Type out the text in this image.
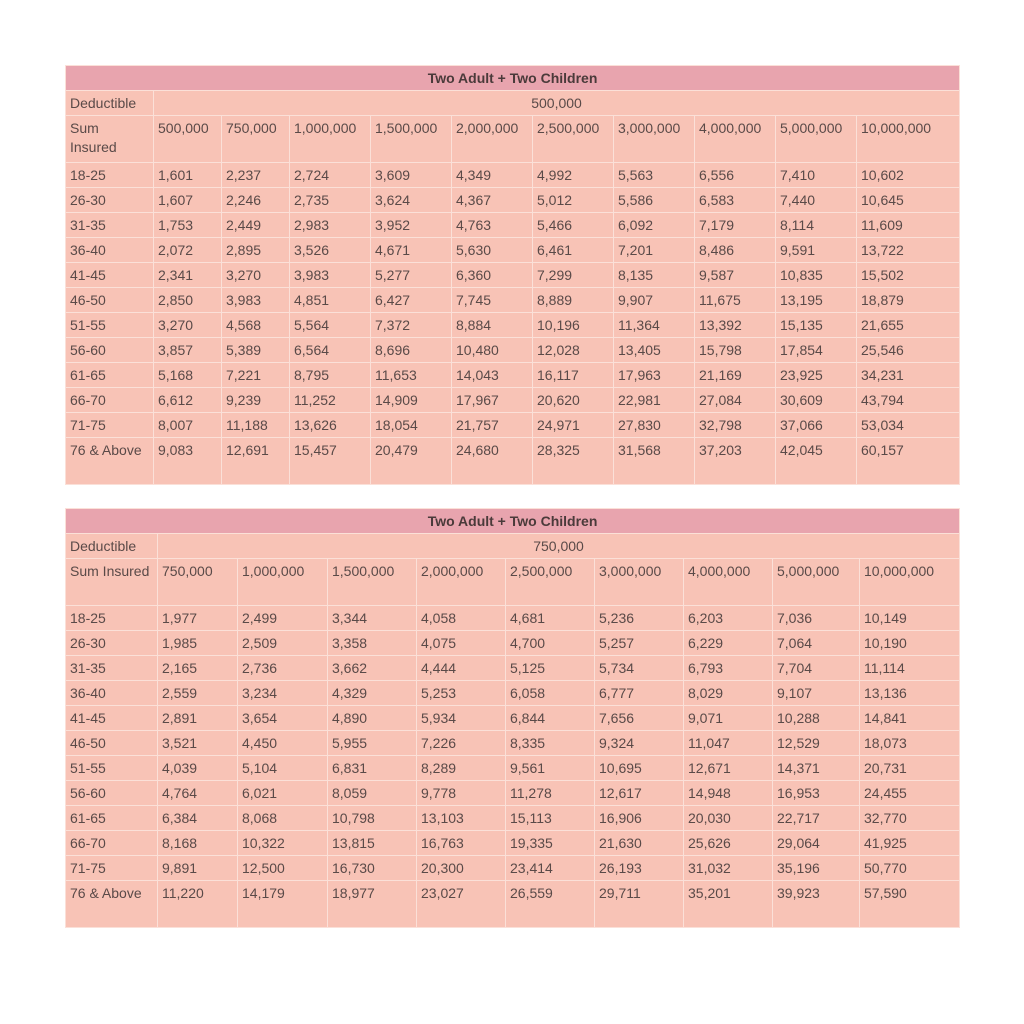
Two Adult + Two Children										
Deductible	500,000									
Sum Insured	500,000	750,000	1,000,000	1,500,000	2,000,000	2,500,000	3,000,000	4,000,000	5,000,000	10,000,000
18-25	1,601	2,237	2,724	3,609	4,349	4,992	5,563	6,556	7,410	10,602
26-30	1,607	2,246	2,735	3,624	4,367	5,012	5,586	6,583	7,440	10,645
31-35	1,753	2,449	2,983	3,952	4,763	5,466	6,092	7,179	8,114	11,609
36-40	2,072	2,895	3,526	4,671	5,630	6,461	7,201	8,486	9,591	13,722
41-45	2,341	3,270	3,983	5,277	6,360	7,299	8,135	9,587	10,835	15,502
46-50	2,850	3,983	4,851	6,427	7,745	8,889	9,907	11,675	13,195	18,879
51-55	3,270	4,568	5,564	7,372	8,884	10,196	11,364	13,392	15,135	21,655
56-60	3,857	5,389	6,564	8,696	10,480	12,028	13,405	15,798	17,854	25,546
61-65	5,168	7,221	8,795	11,653	14,043	16,117	17,963	21,169	23,925	34,231
66-70	6,612	9,239	11,252	14,909	17,967	20,620	22,981	27,084	30,609	43,794
71-75	8,007	11,188	13,626	18,054	21,757	24,971	27,830	32,798	37,066	53,034
76 & Above	9,083	12,691	15,457	20,479	24,680	28,325	31,568	37,203	42,045	60,157
Two Adult + Two Children									
Deductible	750,000								
Sum Insured	750,000	1,000,000	1,500,000	2,000,000	2,500,000	3,000,000	4,000,000	5,000,000	10,000,000
18-25	1,977	2,499	3,344	4,058	4,681	5,236	6,203	7,036	10,149
26-30	1,985	2,509	3,358	4,075	4,700	5,257	6,229	7,064	10,190
31-35	2,165	2,736	3,662	4,444	5,125	5,734	6,793	7,704	11,114
36-40	2,559	3,234	4,329	5,253	6,058	6,777	8,029	9,107	13,136
41-45	2,891	3,654	4,890	5,934	6,844	7,656	9,071	10,288	14,841
46-50	3,521	4,450	5,955	7,226	8,335	9,324	11,047	12,529	18,073
51-55	4,039	5,104	6,831	8,289	9,561	10,695	12,671	14,371	20,731
56-60	4,764	6,021	8,059	9,778	11,278	12,617	14,948	16,953	24,455
61-65	6,384	8,068	10,798	13,103	15,113	16,906	20,030	22,717	32,770
66-70	8,168	10,322	13,815	16,763	19,335	21,630	25,626	29,064	41,925
71-75	9,891	12,500	16,730	20,300	23,414	26,193	31,032	35,196	50,770
76 & Above	11,220	14,179	18,977	23,027	26,559	29,711	35,201	39,923	57,590
